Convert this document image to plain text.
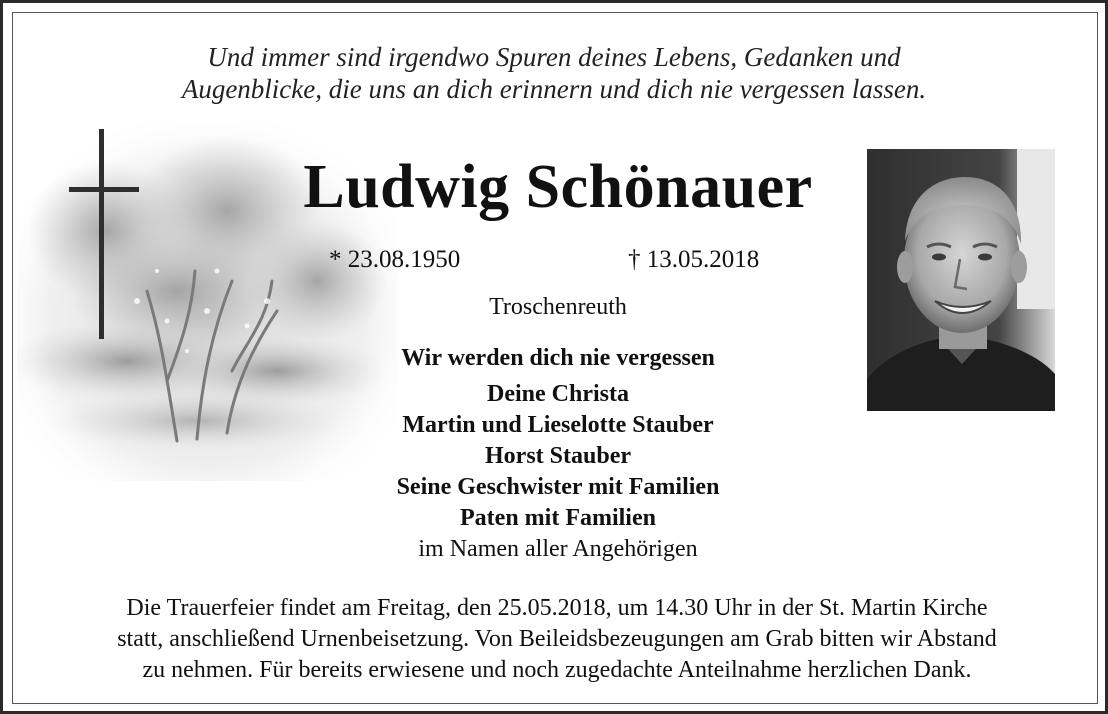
Und immer sind irgendwo Spuren deines Lebens, Gedanken und
Augenblicke, die uns an dich erinnern und dich nie vergessen lassen.
Ludwig Schönauer
* 23.08.1950	† 13.05.2018
Troschenreuth
Wir werden dich nie vergessen
Deine Christa
Martin und Lieselotte Stauber
Horst Stauber
Seine Geschwister mit Familien
Paten mit Familien
im Namen aller Angehörigen
Die Trauerfeier findet am Freitag, den 25.05.2018, um 14.30 Uhr in der St. Martin Kirche
statt, anschließend Urnenbeisetzung. Von Beileidsbezeugungen am Grab bitten wir Abstand
zu nehmen. Für bereits erwiesene und noch zugedachte Anteilnahme herzlichen Dank.
